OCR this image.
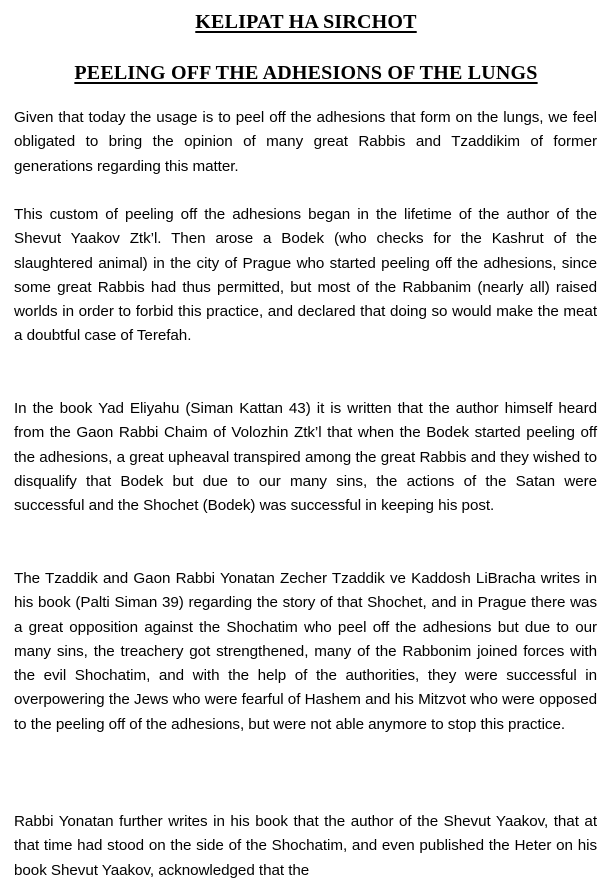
KELIPAT HA SIRCHOT
PEELING OFF THE ADHESIONS OF THE LUNGS

Given that today the usage is to peel off the adhesions that form on the lungs, we feel obligated to bring the opinion of many great Rabbis and Tzaddikim of former generations regarding this matter.

This custom of peeling off the adhesions began in the lifetime of the author of the Shevut Yaakov Ztk’l. Then arose a Bodek (who checks for the Kashrut of the slaughtered animal) in the city of Prague who started peeling off the adhesions, since some great Rabbis had thus permitted, but most of the Rabbanim (nearly all) raised worlds in order to forbid this practice, and declared that doing so would make the meat a doubtful case of Terefah.

In the book Yad Eliyahu (Siman Kattan 43) it is written that the author himself heard from the Gaon Rabbi Chaim of Volozhin Ztk’l that when the Bodek started peeling off the adhesions, a great upheaval transpired among the great Rabbis and they wished to disqualify that Bodek but due to our many sins, the actions of the Satan were successful and the Shochet (Bodek) was successful in keeping his post.

The Tzaddik and Gaon Rabbi Yonatan Zecher Tzaddik ve Kaddosh LiBracha writes in his book (Palti Siman 39) regarding the story of that Shochet, and in Prague there was a great opposition against the Shochatim who peel off the adhesions but due to our many sins, the treachery got strengthened, many of the Rabbonim joined forces with the evil Shochatim, and with the help of the authorities, they were successful in overpowering the Jews who were fearful of Hashem and his Mitzvot who were opposed to the peeling off of the adhesions, but were not able anymore to stop this practice.

Rabbi Yonatan further writes in his book that the author of the Shevut Yaakov, that at that time had stood on the side of the Shochatim, and even published the Heter on his book Shevut Yaakov, acknowledged that the
